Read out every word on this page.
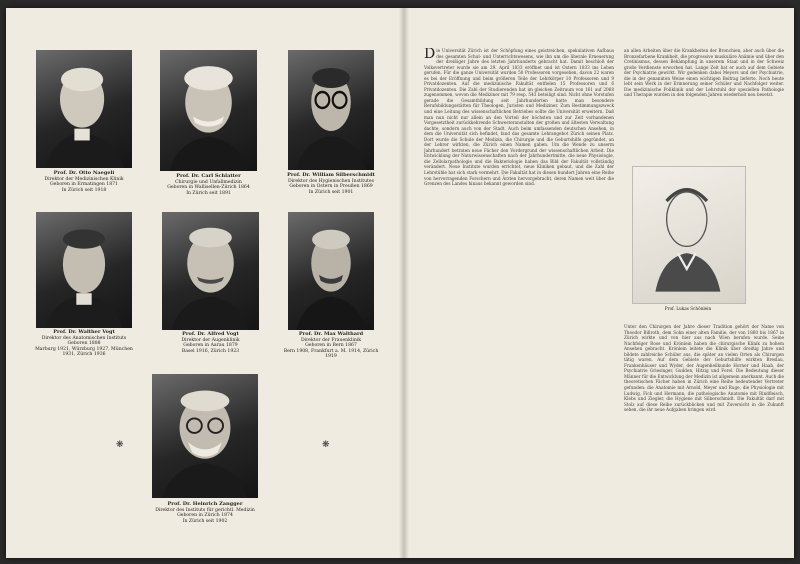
Prof. Dr. Otto Naegeli
Direktor der Medizinischen Klinik
Geboren in Ermatingen 1871
In Zürich seit 1918
Prof. Dr. Carl Schlatter
Chirurgie und Unfallmedizin
Geboren in Wallisellen-Zürich 1864
In Zürich seit 1891
Prof. Dr. William Silberschmidt
Direktor des Hygienischen Institutes
Geboren in Ostern in Preußen 1869
In Zürich seit 1901
Prof. Dr. Walther Vogt
Direktor des Anatomischen Instituts
Geboren 1888
Marburg 1921, Würzburg 1927, München 1931, Zürich 1936
Prof. Dr. Alfred Vogt
Direktor der Augenklinik
Geboren in Aarau 1879
Basel 1916, Zürich 1923
Prof. Dr. Max Walthard
Direktor der Frauenklinik
Geboren in Bern 1867
Bern 1908, Frankfurt a. M. 1914, Zürich 1919
❋
Prof. Dr. Heinrich Zangger
Direktor des Instituts für gerichtl. Medizin
Geboren in Zürich 1874
In Zürich seit 1902
❋
Die Universität Zürich ist der Schöpfung eines geistreichen, spekulativen Aufbaus des gesamten Schul- und Unterrichtswesens, wie ihn um die liberale Erneuerung der dreißiger Jahre des letzten Jahrhunderts gebracht hat. Damit beschloß der Volksvertreter wurde sie am 29. April 1833 eröffnet und ist Ostern 1833 ins Leben gerufen. Für die ganze Universität wurden 50 Professoren vorgesehen, davon 22 waren es bei der Eröffnung und beim größeren Teile der Lehrkörper 10 Professoren und 9 Privatdozenten. Auf die medizinische Fakultät entfielen 15 Professoren und 6 Privatdozenten. Die Zahl der Studierenden hat im gleichen Zeitraum von 161 auf 2068 zugenommen, wovon die Mediziner mit 79 resp. 543 beteiligt sind. Nicht ohne Vorstufen gerade die Gesamtbildung seit Jahrhunderten hatte man besondere Berufsbildungsstätten für Theologen, Juristen und Mediziner. Zum Bestimmungszweck und eine Leitung des wissenschaftlichen Betriebes sollte die Universität erweitern. Daß man nun nicht nur allein an den Vorteil der höchsten und zur Zeit vorhandenen Vorgesetztheit zurückkehrende Schwesteranstalten der großen und ältesten Verwaltung dachte, sondern auch von der Stadt. Auch beim umfassenden deutschen Ansehen, in dem die Universität sich befindet, fand das gesamte Lehrangebot Zürich seinen Platz. Dort wurde die Schule der Medizin, die Chirurgie und die Geburtshilfe gegründet, an der Lehrer wirkten, die Zürich einen Namen gaben. Um die Wende zu unserm Jahrhundert betraten neue Fächer den Vordergrund der wissenschaftlichen Arbeit. Die Entwicklung der Naturwissenschaften nach der Jahrhundertmitte, die neue Physiologie, die Zellularpathologie und die Bakteriologie haben das Bild der Fakultät vollständig verändert. Neue Institute wurden errichtet, neue Kliniken gebaut, und die Zahl der Lehrstühle hat sich stark vermehrt. Die Fakultät hat in diesen hundert Jahren eine Reihe von hervorragenden Forschern und Ärzten hervorgebracht, deren Namen weit über die Grenzen des Landes hinaus bekannt geworden sind.
an allen Arbeiten über die Krankheiten der Bronchien, aber auch über die Bronzefarbene Krankheit, die progressive muskuläre Anämie und über den Cretinismus, dessen Bekämpfung in unserem Staat und in der Schweiz große Verdienste erworben hat. Lange Zeit hat er auch auf dem Gebiete der Psychiatrie gewirkt. Wir gedenken dabei Meyers und der Psychiatrie, die in der genannten Weise einen wichtigen Beitrag lieferte. Noch heute lebt sein Werk in der Erinnerung seiner Schüler und Nachfolger weiter. Die medizinische Poliklinik und der Lehrstuhl der speziellen Pathologie und Therapie wurden in den folgenden Jahren wiederholt neu besetzt.
Prof. Lukas Schönlein
Unter den Chirurgen der Jahre dieser Tradition gehört der Name von Theodor Billroth, dem Sohn einer alten Familie, der von 1860 bis 1867 in Zürich wirkte und von hier aus nach Wien berufen wurde. Seine Nachfolger Rose und Krönlein haben die chirurgische Klinik zu hohem Ansehen gebracht. Krönlein leitete die Klinik über dreißig Jahre und bildete zahlreiche Schüler aus, die später an vielen Orten als Chirurgen tätig waren. Auf dem Gebiete der Geburtshilfe wirkten Breslau, Frankenhäuser und Wyder, der Augenheilkunde Horner und Haab, der Psychiatrie Griesinger, Gudden, Hitzig und Forel. Die Bedeutung dieser Männer für die Entwicklung der Medizin ist allgemein anerkannt. Auch die theoretischen Fächer haben in Zürich eine Reihe bedeutender Vertreter gefunden: die Anatomie mit Arnold, Meyer und Ruge, die Physiologie mit Ludwig, Fick und Hermann, die pathologische Anatomie mit Rindfleisch, Klebs und Ziegler, die Hygiene mit Silberschmidt. Die Fakultät darf mit Stolz auf diese Reihe zurückblicken und mit Zuversicht in die Zukunft sehen, die ihr neue Aufgaben bringen wird.
